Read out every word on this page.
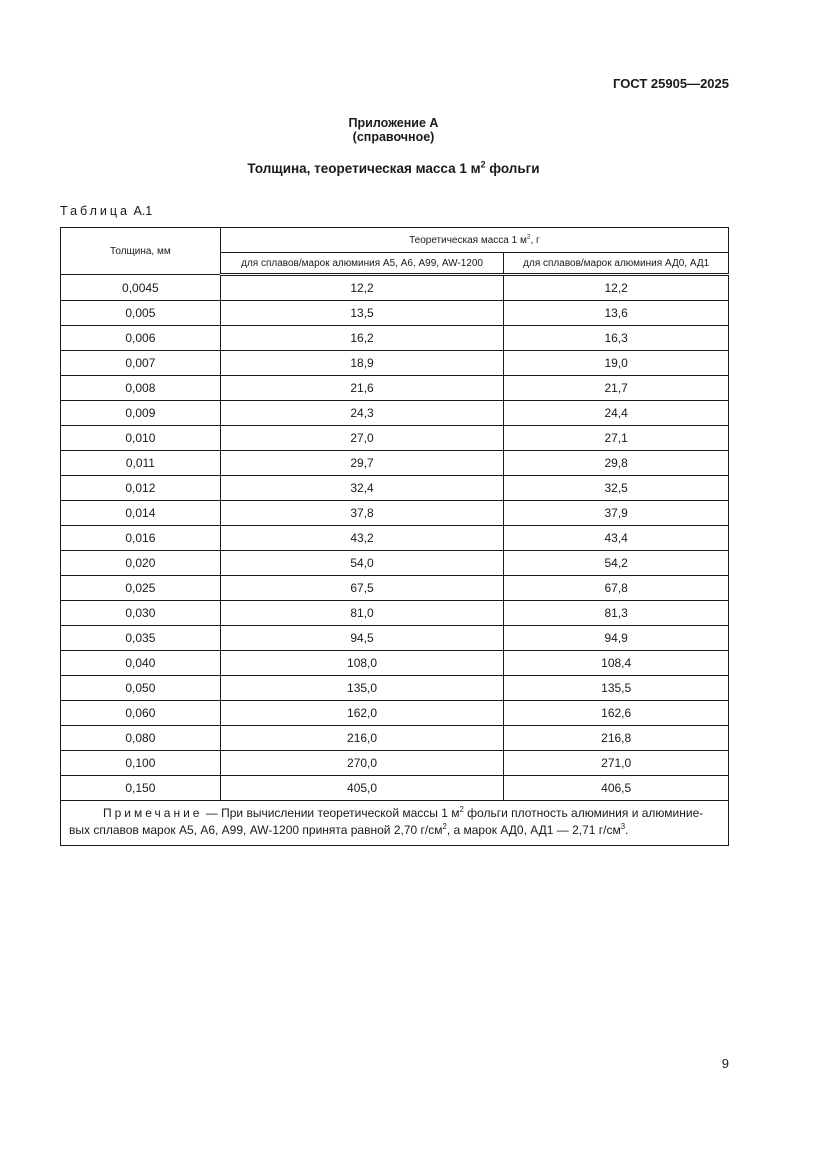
ГОСТ 25905—2025
Приложение А
(справочное)
Толщина, теоретическая масса 1 $м^2$ фольги
Таблица А.1
Толщина, мм	Теоретическая масса 1 $м^2$, г	
	для сплавов/марок алюминия А5, А6, А99, AW-1200	для сплавов/марок алюминия АД0, АД1
0,0045	12,2	12,2
0,005	13,5	13,6
0,006	16,2	16,3
0,007	18,9	19,0
0,008	21,6	21,7
0,009	24,3	24,4
0,010	27,0	27,1
0,011	29,7	29,8
0,012	32,4	32,5
0,014	37,8	37,9
0,016	43,2	43,4
0,020	54,0	54,2
0,025	67,5	67,8
0,030	81,0	81,3
0,035	94,5	94,9
0,040	108,0	108,4
0,050	135,0	135,5
0,060	162,0	162,6
0,080	216,0	216,8
0,100	270,0	271,0
0,150	405,0	406,5
Примечание — При вычислении теоретической массы 1 $м^2$ фольги плотность алюминия и алюминиевых сплавов марок А5, А6, А99, AW-1200 принята равной 2,70 $г/см^2$, а марок АД0, АД1 — 2,71 $г/см^3$.		
9
